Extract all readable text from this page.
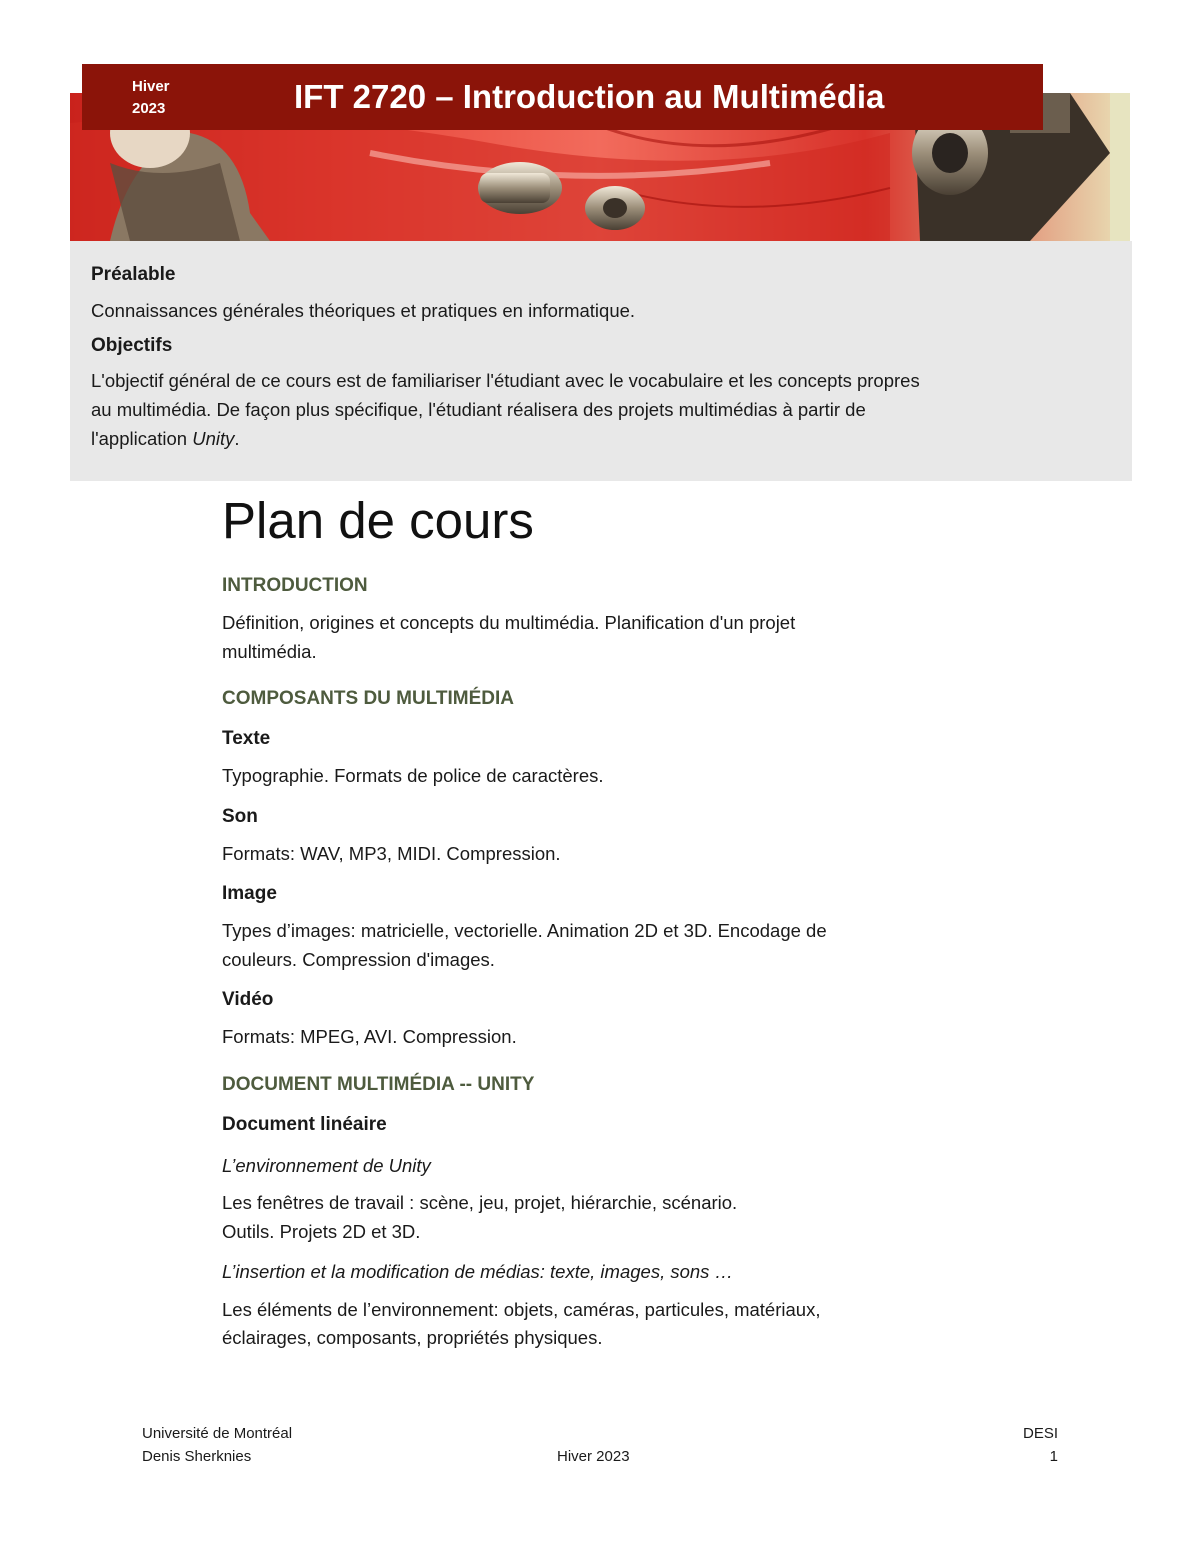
Hiver
2023	IFT 2720 – Introduction au Multimédia
Préalable

Connaissances générales théoriques et pratiques en informatique.

Objectifs

L'objectif général de ce cours est de familiariser l'étudiant avec le vocabulaire et les concepts propres

au multimédia. De façon plus spécifique, l'étudiant réalisera des projets multimédias à partir de

l'application Unity.

Plan de cours

INTRODUCTION

Définition, origines et concepts du multimédia. Planification d'un projet

multimédia.

COMPOSANTS DU MULTIMÉDIA

Texte

Typographie. Formats de police de caractères.

Son

Formats: WAV, MP3, MIDI. Compression.

Image

Types d’images: matricielle, vectorielle. Animation 2D et 3D. Encodage de

couleurs. Compression d'images.

Vidéo

Formats: MPEG, AVI. Compression.

DOCUMENT MULTIMÉDIA -- UNITY

Document linéaire

L’environnement de Unity

Les fenêtres de travail : scène, jeu, projet, hiérarchie, scénario.

Outils. Projets 2D et 3D.

L’insertion et la modification de médias: texte, images, sons …

Les éléments de l’environnement: objets, caméras, particules, matériaux,

éclairages, composants, propriétés physiques.

Université de Montréal
Denis Sherknies	Hiver 2023
DESI
1
